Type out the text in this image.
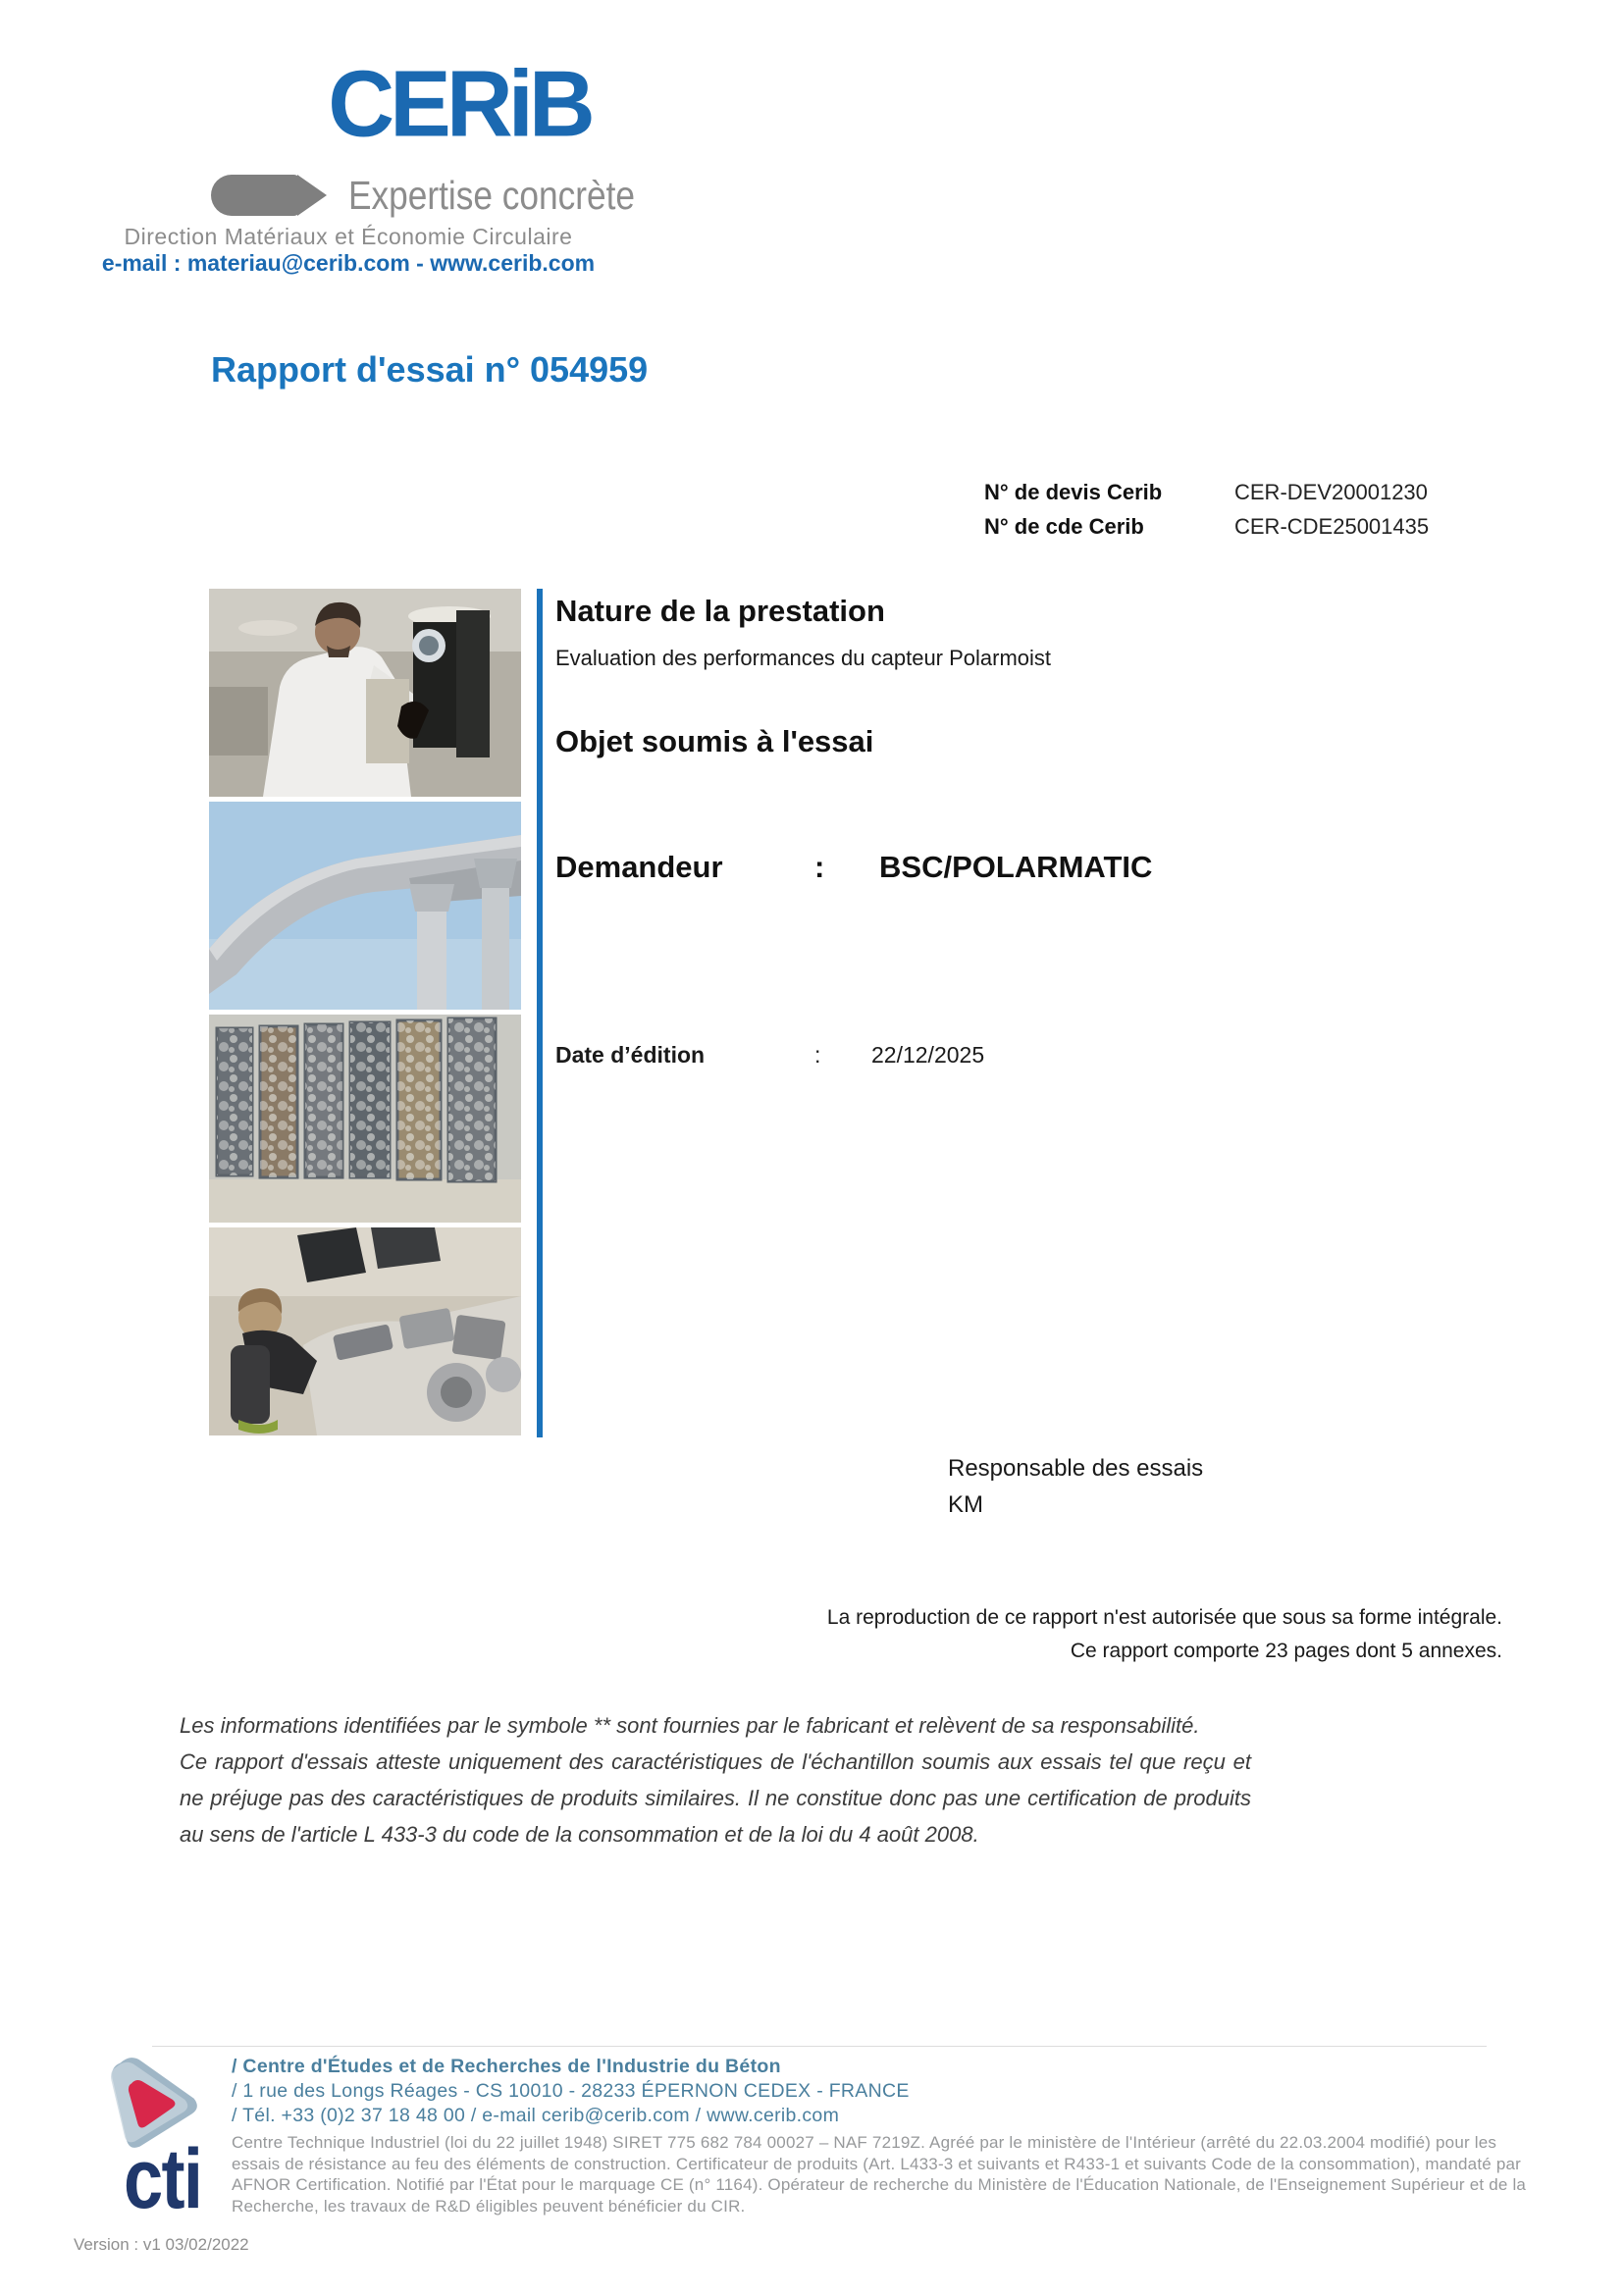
CERiB
Expertise concrète
Direction Matériaux et Économie Circulaire
e-mail : materiau@cerib.com - www.cerib.com
Rapport d'essai n° 054959
N° de devis Cerib	CER-DEV20001230
N° de cde Cerib	CER-CDE25001435
Nature de la prestation
Evaluation des performances du capteur Polarmoist
Objet soumis à l'essai
Demandeur	: BSC/POLARMATIC
Date d’édition	: 22/12/2025
Responsable des essais
KM
La reproduction de ce rapport n'est autorisée que sous sa forme intégrale.
Ce rapport comporte 23 pages dont 5 annexes.

Les informations identifiées par le symbole ** sont fournies par le fabricant et relèvent de sa responsabilité.

Ce rapport d'essais atteste uniquement des caractéristiques de l'échantillon soumis aux essais tel que reçu et ne préjuge pas des caractéristiques de produits similaires. Il ne constitue donc pas une certification de produits au sens de l'article L 433-3 du code de la consommation et de la loi du 4 août 2008.

cti
/ Centre d'Études et de Recherches de l'Industrie du Béton
/ 1 rue des Longs Réages - CS 10010 - 28233 ÉPERNON CEDEX - FRANCE
/ Tél. +33 (0)2 37 18 48 00 / e-mail cerib@cerib.com / www.cerib.com
Centre Technique Industriel (loi du 22 juillet 1948) SIRET 775 682 784 00027 – NAF 7219Z. Agréé par le ministère de l'Intérieur (arrêté du 22.03.2004 modifié) pour les essais de résistance au feu des éléments de construction. Certificateur de produits (Art. L433-3 et suivants et R433-1 et suivants Code de la consommation), mandaté par AFNOR Certification. Notifié par l'État pour le marquage CE (n° 1164). Opérateur de recherche du Ministère de l'Éducation Nationale, de l'Enseignement Supérieur et de la Recherche, les travaux de R&D éligibles peuvent bénéficier du CIR.
Version : v1 03/02/2022
